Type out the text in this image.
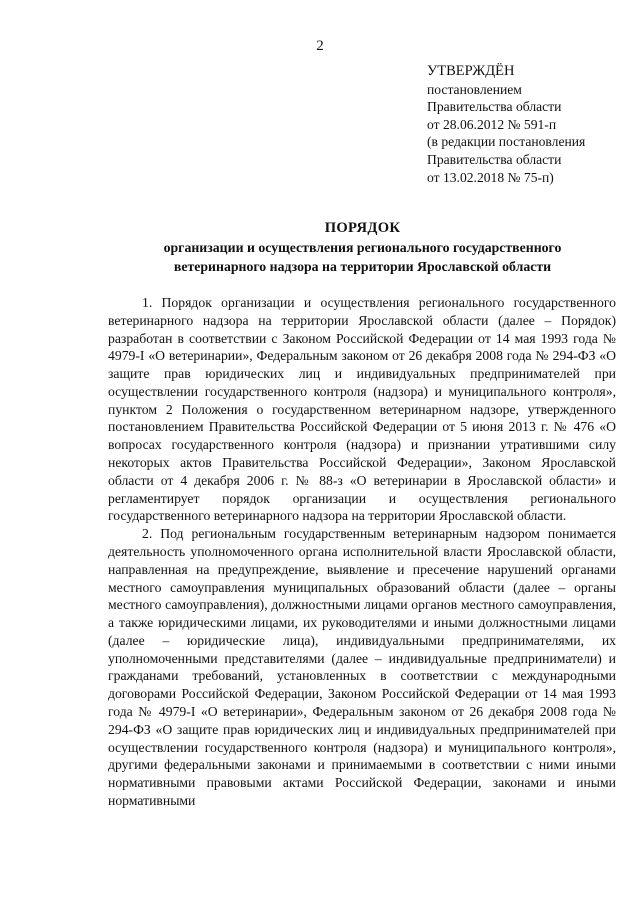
2
УТВЕРЖДЁН
постановлением
Правительства области
от 28.06.2012 № 591-п
(в редакции постановления
Правительства области
от 13.02.2018 № 75-п)
ПОРЯДОК
организации и осуществления регионального государственного
ветеринарного надзора на территории Ярославской области

1. Порядок организации и осуществления регионального государственного ветеринарного надзора на территории Ярославской области (далее – Порядок) разработан в соответствии с Законом Российской Федерации от 14 мая 1993 года № 4979-I «О ветеринарии», Федеральным законом от 26 декабря 2008 года № 294-ФЗ «О защите прав юридических лиц и индивидуальных предпринимателей при осуществлении государственного контроля (надзора) и муниципального контроля», пунктом 2 Положения о государственном ветеринарном надзоре, утвержденного постановлением Правительства Российской Федерации от 5 июня 2013 г. № 476 «О вопросах государственного контроля (надзора) и признании утратившими силу некоторых актов Правительства Российской Федерации», Законом Ярославской области от 4 декабря 2006 г. № 88-з «О ветеринарии в Ярославской области» и регламентирует порядок организации и осуществления регионального государственного ветеринарного надзора на территории Ярославской области.

2. Под региональным государственным ветеринарным надзором понимается деятельность уполномоченного органа исполнительной власти Ярославской области, направленная на предупреждение, выявление и пресечение нарушений органами местного самоуправления муниципальных образований области (далее – органы местного самоуправления), должностными лицами органов местного самоуправления, а также юридическими лицами, их руководителями и иными должностными лицами (далее – юридические лица), индивидуальными предпринимателями, их уполномоченными представителями (далее – индивидуальные предприниматели) и гражданами требований, установленных в соответствии с международными договорами Российской Федерации, Законом Российской Федерации от 14 мая 1993 года № 4979-I «О ветеринарии», Федеральным законом от 26 декабря 2008 года № 294-ФЗ «О защите прав юридических лиц и индивидуальных предпринимателей при осуществлении государственного контроля (надзора) и муниципального контроля», другими федеральными законами и принимаемыми в соответствии с ними иными нормативными правовыми актами Российской Федерации, законами и иными нормативными
